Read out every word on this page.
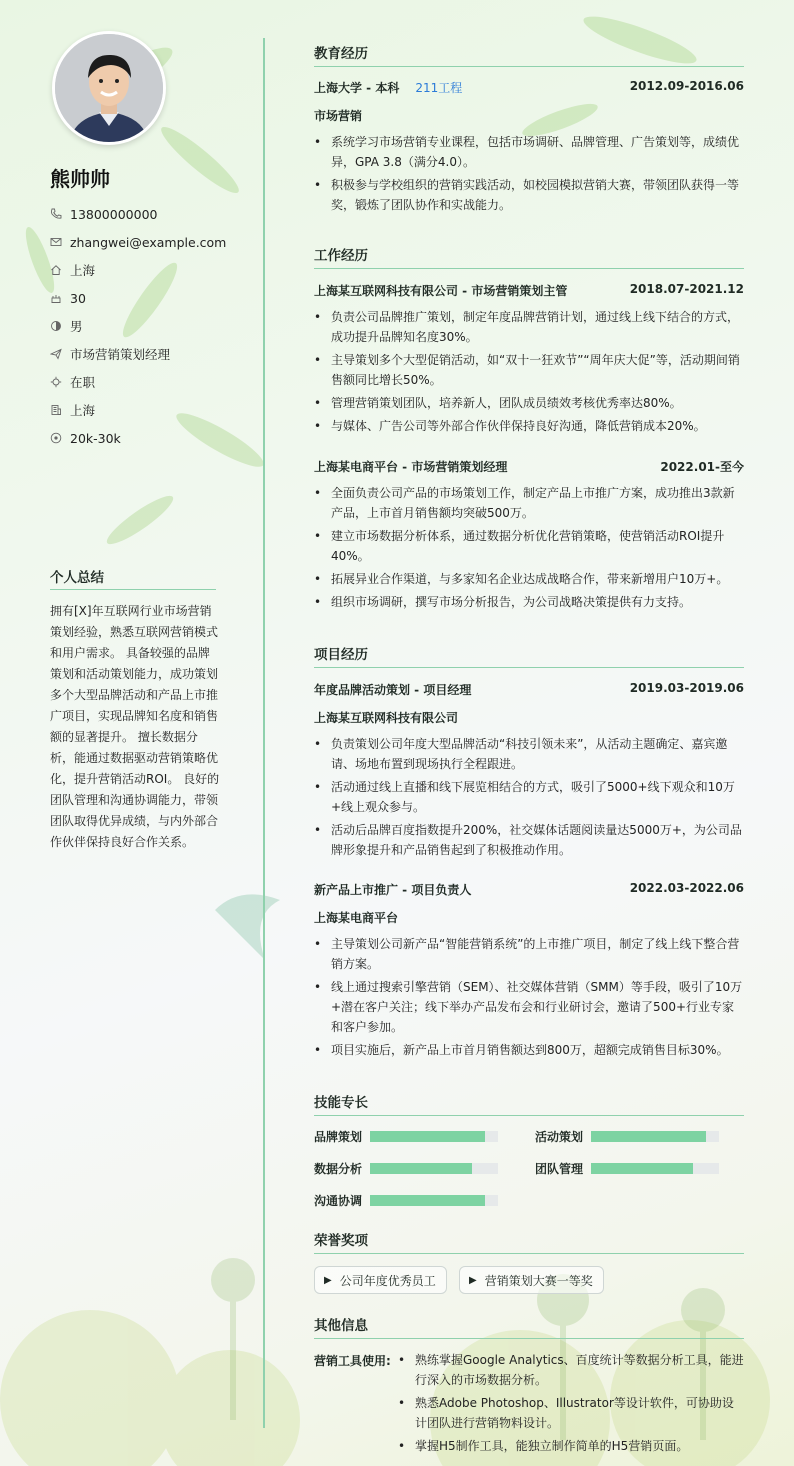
熊帅帅
13800000000
zhangwei@example.com
上海
30
男
市场营销策划经理
在职
上海
20k-30k
个人总结
拥有[X]年互联网行业市场营销策划经验，熟悉互联网营销模式和用户需求。 具备较强的品牌策划和活动策划能力，成功策划多个大型品牌活动和产品上市推广项目，实现品牌知名度和销售额的显著提升。 擅长数据分析，能通过数据驱动营销策略优化，提升营销活动ROI。 良好的团队管理和沟通协调能力，带领团队取得优异成绩，与内外部合作伙伴保持良好合作关系。
教育经历
上海大学 - 本科 211工程	2012.09-2016.06
市场营销
• 系统学习市场营销专业课程，包括市场调研、品牌管理、广告策划等，成绩优异，GPA 3.8（满分4.0）。
• 积极参与学校组织的营销实践活动，如校园模拟营销大赛，带领团队获得一等奖，锻炼了团队协作和实战能力。
工作经历
上海某互联网科技有限公司 - 市场营销策划主管	2018.07-2021.12
• 负责公司品牌推广策划，制定年度品牌营销计划，通过线上线下结合的方式，成功提升品牌知名度30%。
• 主导策划多个大型促销活动，如“双十一狂欢节”“周年庆大促”等，活动期间销售额同比增长50%。
• 管理营销策划团队，培养新人，团队成员绩效考核优秀率达80%。
• 与媒体、广告公司等外部合作伙伴保持良好沟通，降低营销成本20%。
上海某电商平台 - 市场营销策划经理	2022.01-至今
• 全面负责公司产品的市场策划工作，制定产品上市推广方案，成功推出3款新产品，上市首月销售额均突破500万。
• 建立市场数据分析体系，通过数据分析优化营销策略，使营销活动ROI提升40%。
• 拓展异业合作渠道，与多家知名企业达成战略合作，带来新增用户10万+。
• 组织市场调研，撰写市场分析报告，为公司战略决策提供有力支持。
项目经历
年度品牌活动策划 - 项目经理	2019.03-2019.06
上海某互联网科技有限公司
• 负责策划公司年度大型品牌活动“科技引领未来”，从活动主题确定、嘉宾邀请、场地布置到现场执行全程跟进。
• 活动通过线上直播和线下展览相结合的方式，吸引了5000+线下观众和10万+线上观众参与。
• 活动后品牌百度指数提升200%，社交媒体话题阅读量达5000万+，为公司品牌形象提升和产品销售起到了积极推动作用。
新产品上市推广 - 项目负责人	2022.03-2022.06
上海某电商平台
• 主导策划公司新产品“智能营销系统”的上市推广项目，制定了线上线下整合营销方案。
• 线上通过搜索引擎营销（SEM）、社交媒体营销（SMM）等手段，吸引了10万+潜在客户关注；线下举办产品发布会和行业研讨会，邀请了500+行业专家和客户参加。
• 项目实施后，新产品上市首月销售额达到800万，超额完成销售目标30%。
技能专长
品牌策划	活动策划
数据分析	团队管理
沟通协调
荣誉奖项
▶ 公司年度优秀员工	▶ 营销策划大赛一等奖
其他信息
营销工具使用:
•	熟练掌握Google Analytics、百度统计等数据分析工具，能进行深入的市场数据分析。
• 熟悉Adobe Photoshop、Illustrator等设计软件，可协助设计团队进行营销物料设计。
• 掌握H5制作工具，能独立制作简单的H5营销页面。
